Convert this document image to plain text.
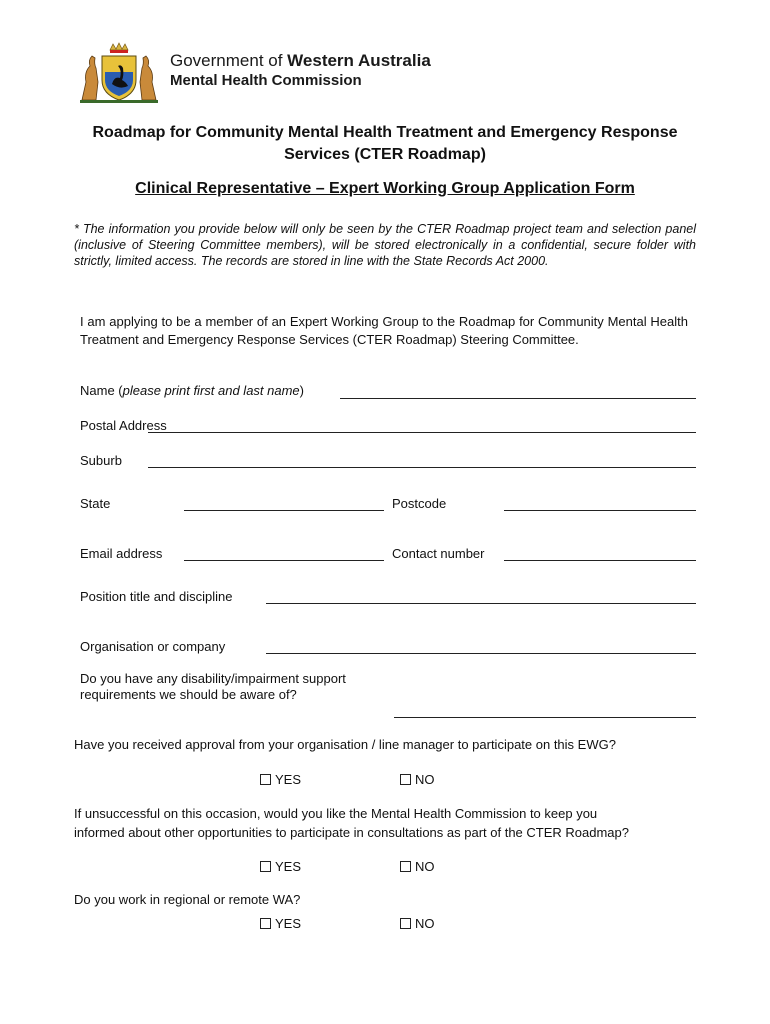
Government of Western Australia
Mental Health Commission
Roadmap for Community Mental Health Treatment and Emergency Response Services (CTER Roadmap)
Clinical Representative – Expert Working Group Application Form
* The information you provide below will only be seen by the CTER Roadmap project team and selection panel (inclusive of Steering Committee members), will be stored electronically in a confidential, secure folder with strictly, limited access. The records are stored in line with the State Records Act 2000.
I am applying to be a member of an Expert Working Group to the Roadmap for Community Mental Health Treatment and Emergency Response Services (CTER Roadmap) Steering Committee.
Name (please print first and last name)
Postal Address
Suburb
State	Postcode
Email address	Contact number
Position title and discipline
Organisation or company
Do you have any disability/impairment support
requirements we should be aware of?
Have you received approval from your organisation / line manager to participate on this EWG?
YES	NO
If unsuccessful on this occasion, would you like the Mental Health Commission to keep you
informed about other opportunities to participate in consultations as part of the CTER Roadmap?
YES	NO
Do you work in regional or remote WA?
YES	NO
